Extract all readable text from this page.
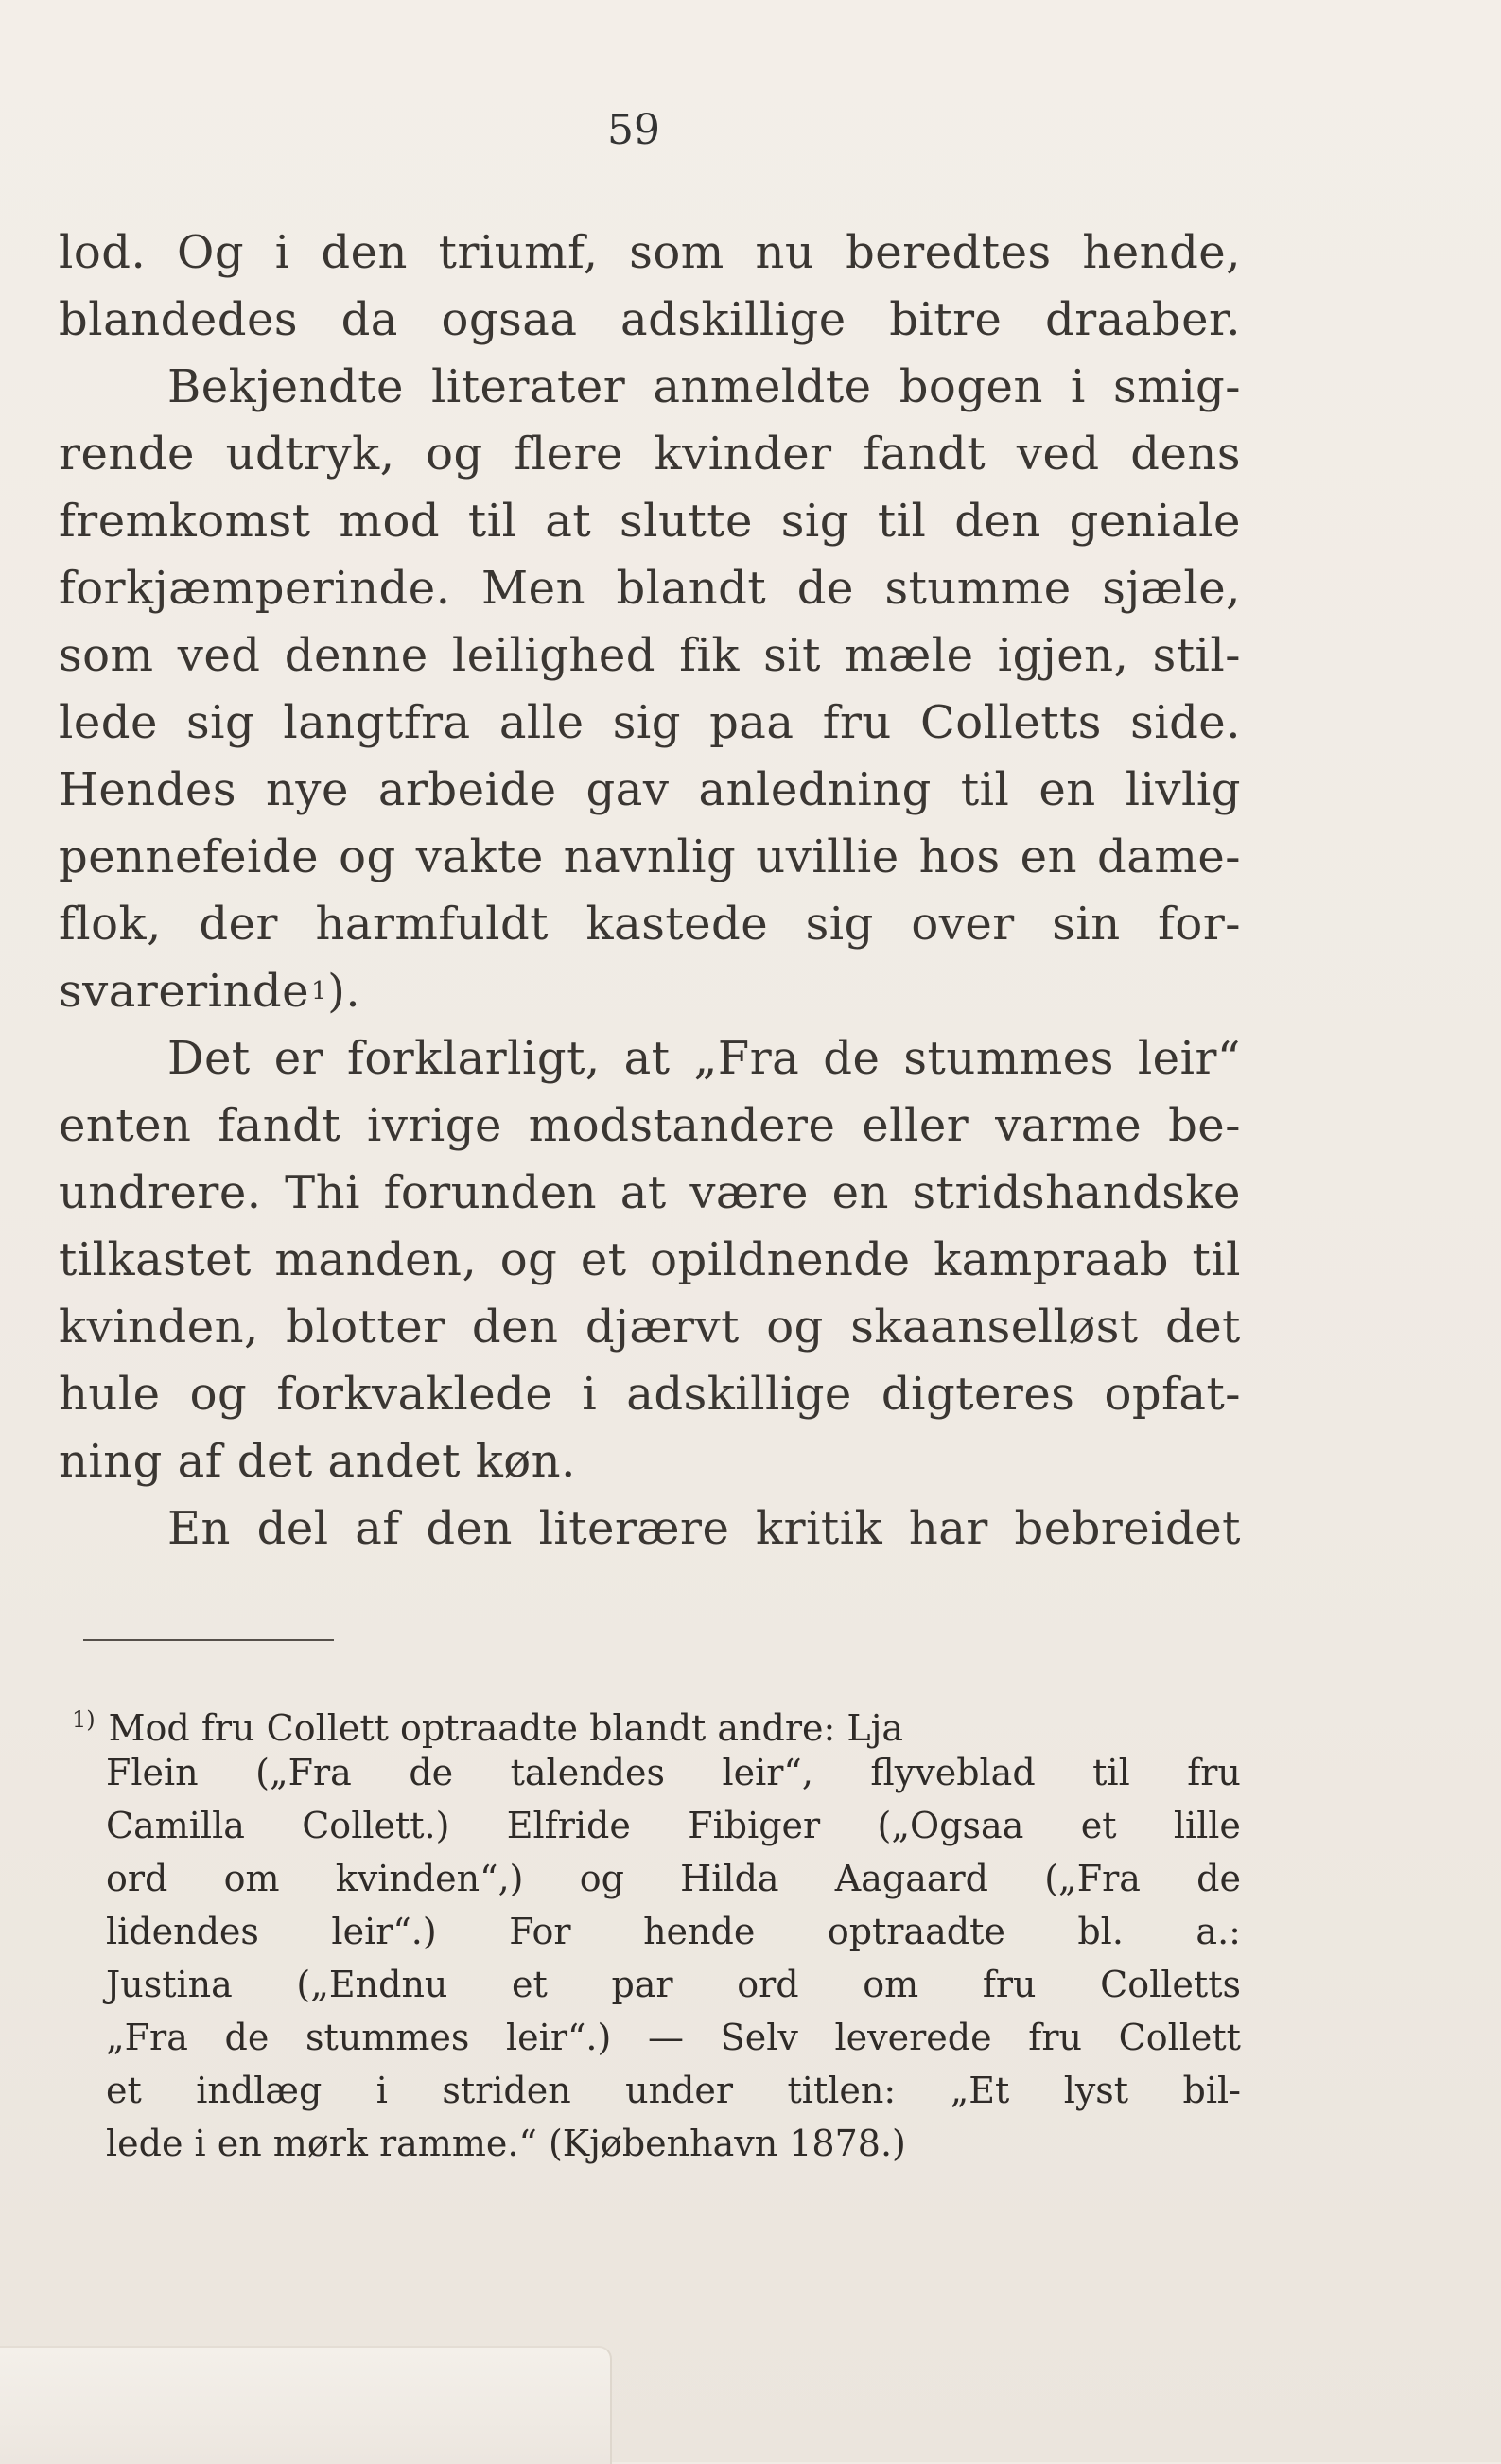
59
lod. Og i den triumf, som nu beredtes hende,
blandedes da ogsaa adskillige bitre draaber.
Bekjendte literater anmeldte bogen i smig-
rende udtryk, og flere kvinder fandt ved dens
fremkomst mod til at slutte sig til den geniale
forkjæmperinde. Men blandt de stumme sjæle,
som ved denne leilighed fik sit mæle igjen, stil-
lede sig langtfra alle sig paa fru Colletts side.
Hendes nye arbeide gav anledning til en livlig
pennefeide og vakte navnlig uvillie hos en dame-
flok, der harmfuldt kastede sig over sin for-
svarerinde 1 ).
Det er forklarligt, at „Fra de stummes leir“
enten fandt ivrige modstandere eller varme be-
undrere. Thi forunden at være en stridshandske
tilkastet manden, og et opildnende kampraab til
kvinden, blotter den djærvt og skaanselløst det
hule og forkvaklede i adskillige digteres opfat-
ning af det andet køn.
En del af den literære kritik har bebreidet
$^{1)}$ Mod fru Collett optraadte blandt andre: Lja
Flein („Fra de talendes leir“, flyveblad til fru
Camilla Collett.) Elfride Fibiger („Ogsaa et lille
ord om kvinden“,) og Hilda Aagaard („Fra de
lidendes leir“.) For hende optraadte bl. a.:
Justina („Endnu et par ord om fru Colletts
„Fra de stummes leir“.) — Selv leverede fru Collett
et indlæg i striden under titlen: „Et lyst bil-
lede i en mørk ramme.“ (Kjøbenhavn 1878.)
